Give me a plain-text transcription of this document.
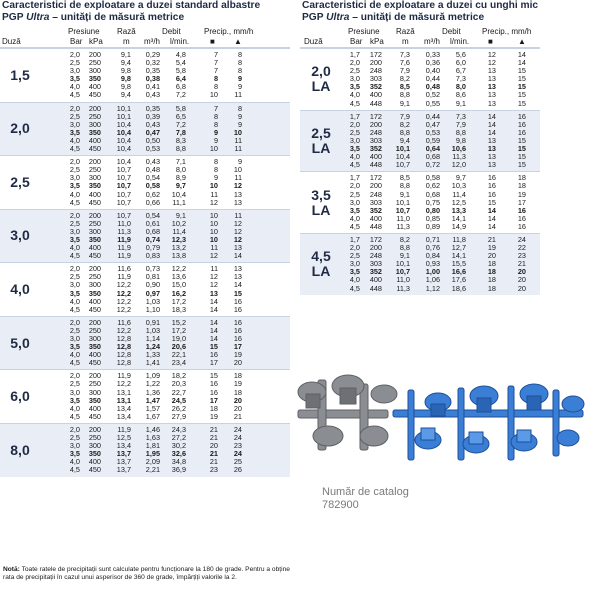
Caracteristici de exploatare a duzei standard albastre
PGP Ultra – unități de măsură metrice
Duză
Presiune
Bar kPa
Rază
m
Debit
m³/h l/min.
Precip., mm/h
■ ▲
1,5
2,0 200	9,1 0,29 4,8	7	8
2,5 250	9,4 0,32 5,4	7	8
3,0 300	9,8 0,35 5,8	7	8
3,5 350	9,8 0,38 6,4	8	9
4,0 400	9,8 0,41 6,8	8	9
4,5 450	9,4 0,43 7,2	10 11
2,0
2,0 200 10,1 0,35 5,8	7	8
2,5 250 10,1 0,39 6,5	8	9
3,0 300 10,4 0,43 7,2	8	9
3,5 350 10,4 0,47 7,8	9 10
4,0 400 10,4 0,50 8,3	9 11
4,5 450 10,4 0,53 8,8	10 11
2,5
2,0 200 10,4 0,43 7,1	8	9
2,5 250 10,7 0,48 8,0	8 10
3,0 300 10,7 0,54 8,9	9 11
3,5 350 10,7 0,58 9,7	10 12
4,0 400 10,7 0,62 10,4	11 13
4,5 450 10,7 0,66 11,1	12 13
3,0
2,0 200 10,7 0,54 9,1	10 11
2,5 250 11,0 0,61 10,2	10 12
3,0 300 11,3 0,68 11,4	10 12
3,5 350 11,9 0,74 12,3	10 12
4,0 400 11,9 0,79 13,2	11 13
4,5 450 11,9 0,83 13,8	12 14
4,0
2,0 200 11,6 0,73 12,2	11 13
2,5 250 11,9 0,81 13,6	12 13
3,0 300 12,2 0,90 15,0	12 14
3,5 350 12,2 0,97 16,2	13 15
4,0 400 12,2 1,03 17,2	14 16
4,5 450 12,2 1,10 18,3	14 16
5,0
2,0 200 11,6 0,91 15,2	14 16
2,5 250 12,2 1,03 17,2	14 16
3,0 300 12,8 1,14 19,0	14 16
3,5 350 12,8 1,24 20,6	15 17
4,0 400 12,8 1,33 22,1	16 19
4,5 450 12,8 1,41 23,4	17 20
6,0
2,0 200 11,9 1,09 18,2	15 18
2,5 250 12,2 1,22 20,3	16 19
3,0 300 13,1 1,36 22,7	16 18
3,5 350 13,1 1,47 24,5	17 20
4,0 400 13,4 1,57 26,2	18 20
4,5 450 13,4 1,67 27,9	19 21
8,0
2,0 200 11,9 1,46 24,3	21 24
2,5 250 12,5 1,63 27,2	21 24
3,0 300 13,4 1,81 30,2	20 23
3,5 350 13,7 1,95 32,6	21 24
4,0 400 13,7 2,09 34,8	21 25
4,5 450 13,7 2,21 36,9	23 26
Caracteristici de exploatare a duzei cu unghi mic
PGP Ultra – unități de măsură metrice
Duză
Presiune
Bar kPa
Rază
m
Debit
m³/h l/min.
Precip., mm/h
■	▲
2,0
LA
1,7 172 7,3 0,33 5,6	12	14
2,0 200 7,6 0,36 6,0	12	14
2,5 248 7,9 0,40 6,7	13	15
3,0 303 8,2 0,44 7,3	13	15
3,5 352 8,5 0,48 8,0	13	15
4,0 400 8,8 0,52 8,6	13	15
4,5 448 9,1 0,55 9,1	13	15
2,5
LA
1,7 172 7,9 0,44 7,3	14	16
2,0 200 8,2 0,47 7,9	14	16
2,5 248 8,8 0,53 8,8	14	16
3,0 303 9,4 0,59 9,8	13	15
3,5 352 10,1 0,64 10,6	13	15
4,0 400 10,4 0,68 11,3	13	15
4,5 448 10,7 0,72 12,0	13	15
3,5
LA
1,7 172 8,5 0,58 9,7	16	18
2,0 200 8,8 0,62 10,3	16	18
2,5 248 9,1 0,68 11,4	16	19
3,0 303 10,1 0,75 12,5	15	17
3,5 352 10,7 0,80 13,3	14	16
4,0 400 11,0 0,85 14,1	14	16
4,5 448 11,3 0,89 14,9	14	16
4,5
LA
1,7 172 8,2 0,71 11,8	21	24
2,0 200 8,8 0,76 12,7	19	22
2,5 248 9,1 0,84 14,1	20	23
3,0 303 10,1 0,93 15,5	18	21
3,5 352 10,7 1,00 16,6	18	20
4,0 400 11,0 1,06 17,6	18	20
4,5 448 11,3 1,12 18,6	18	20
Număr de catalog
782900
Notă: Toate ratele de precipitații sunt calculate pentru funcționare la 180 de grade. Pentru a obține rata de precipitații în cazul unui asperisor de 360 de grade, împărțiți valorile la 2.
